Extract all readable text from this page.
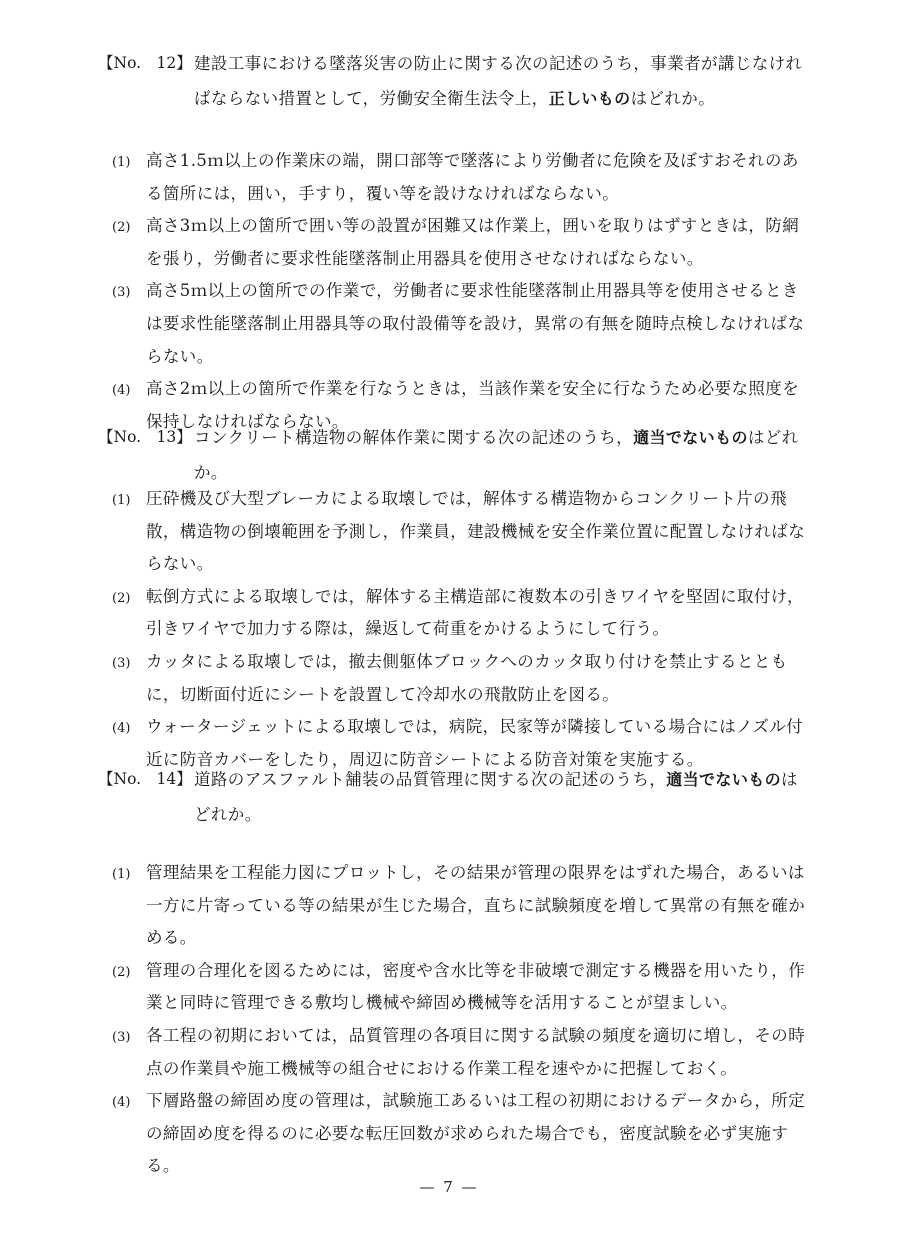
【No.　12】 建設工事における墜落災害の防止に関する次の記述のうち，事業者が講じなければならない措置として，労働安全衛生法令上，正しいものはどれか。
(1) 高さ1.5ｍ以上の作業床の端，開口部等で墜落により労働者に危険を及ぼすおそれのある箇所には，囲い，手すり，覆い等を設けなければならない。
(2) 高さ3ｍ以上の箇所で囲い等の設置が困難又は作業上，囲いを取りはずすときは，防網を張り，労働者に要求性能墜落制止用器具を使用させなければならない。
(3) 高さ5ｍ以上の箇所での作業で，労働者に要求性能墜落制止用器具等を使用させるときは要求性能墜落制止用器具等の取付設備等を設け，異常の有無を随時点検しなければならない。
(4) 高さ2ｍ以上の箇所で作業を行なうときは，当該作業を安全に行なうため必要な照度を保持しなければならない。
【No.　13】 コンクリート構造物の解体作業に関する次の記述のうち，適当でないものはどれか。
(1) 圧砕機及び大型ブレーカによる取壊しでは，解体する構造物からコンクリート片の飛散，構造物の倒壊範囲を予測し，作業員，建設機械を安全作業位置に配置しなければならない。
(2) 転倒方式による取壊しでは，解体する主構造部に複数本の引きワイヤを堅固に取付け，引きワイヤで加力する際は，繰返して荷重をかけるようにして行う。
(3) カッタによる取壊しでは，撤去側躯体ブロックへのカッタ取り付けを禁止するとともに，切断面付近にシートを設置して冷却水の飛散防止を図る。
(4) ウォータージェットによる取壊しでは，病院，民家等が隣接している場合にはノズル付近に防音カバーをしたり，周辺に防音シートによる防音対策を実施する。
【No.　14】 道路のアスファルト舗装の品質管理に関する次の記述のうち，適当でないものはどれか。
(1) 管理結果を工程能力図にプロットし，その結果が管理の限界をはずれた場合，あるいは一方に片寄っている等の結果が生じた場合，直ちに試験頻度を増して異常の有無を確かめる。
(2) 管理の合理化を図るためには，密度や含水比等を非破壊で測定する機器を用いたり，作業と同時に管理できる敷均し機械や締固め機械等を活用することが望ましい。
(3) 各工程の初期においては，品質管理の各項目に関する試験の頻度を適切に増し，その時点の作業員や施工機械等の組合せにおける作業工程を速やかに把握しておく。
(4) 下層路盤の締固め度の管理は，試験施工あるいは工程の初期におけるデータから，所定の締固め度を得るのに必要な転圧回数が求められた場合でも，密度試験を必ず実施する。
— 7 —
